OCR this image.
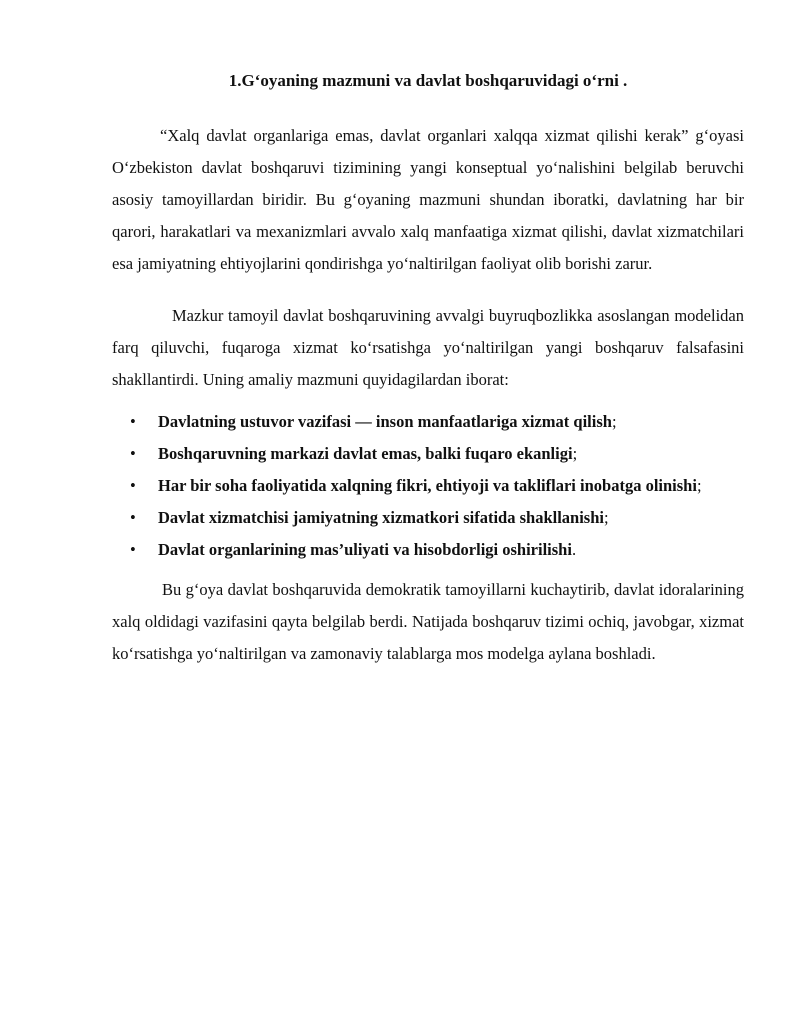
1.G‘oyaning mazmuni va davlat boshqaruvidagi o‘rni .

“Xalq davlat organlariga emas, davlat organlari xalqqa xizmat qilishi kerak” g‘oyasi O‘zbekiston davlat boshqaruvi tizimining yangi konseptual yo‘nalishini belgilab beruvchi asosiy tamoyillardan biridir. Bu g‘oyaning mazmuni shundan iboratki, davlatning har bir qarori, harakatlari va mexanizmlari avvalo xalq manfaatiga xizmat qilishi, davlat xizmatchilari esa jamiyatning ehtiyojlarini qondirishga yo‘naltirilgan faoliyat olib borishi zarur.

Mazkur tamoyil davlat boshqaruvining avvalgi buyruqbozlikka asoslangan modelidan farq qiluvchi, fuqaroga xizmat ko‘rsatishga yo‘naltirilgan yangi boshqaruv falsafasini shakllantirdi. Uning amaliy mazmuni quyidagilardan iborat:

• Davlatning ustuvor vazifasi — inson manfaatlariga xizmat qilish;
• Boshqaruvning markazi davlat emas, balki fuqaro ekanligi;
• Har bir soha faoliyatida xalqning fikri, ehtiyoji va takliflari inobatga olinishi;
• Davlat xizmatchisi jamiyatning xizmatkori sifatida shakllanishi;
• Davlat organlarining mas’uliyati va hisobdorligi oshirilishi.

Bu g‘oya davlat boshqaruvida demokratik tamoyillarni kuchaytirib, davlat idoralarining xalq oldidagi vazifasini qayta belgilab berdi. Natijada boshqaruv tizimi ochiq, javobgar, xizmat ko‘rsatishga yo‘naltirilgan va zamonaviy talablarga mos modelga aylana boshladi.
